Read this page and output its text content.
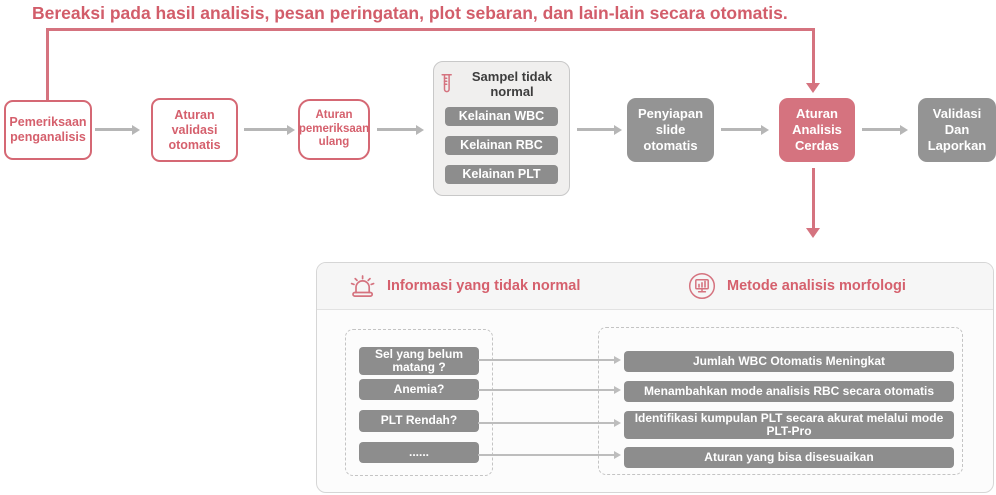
Bereaksi pada hasil analisis, pesan peringatan, plot sebaran, dan lain-lain secara otomatis.
Pemeriksaan penganalisis
Aturan validasi otomatis
Aturan pemeriksaan ulang
Sampel tidak normal
Kelainan WBC
Kelainan RBC
Kelainan PLT
Penyiapan slide otomatis
Aturan Analisis Cerdas
Validasi Dan Laporkan
Informasi yang tidak normal	Metode analisis morfologi
Sel yang belum matang ?
Anemia?
PLT Rendah?
......
Jumlah WBC Otomatis Meningkat
Menambahkan mode analisis RBC secara otomatis
Identifikasi kumpulan PLT secara akurat melalui mode PLT-Pro
Aturan yang bisa disesuaikan
